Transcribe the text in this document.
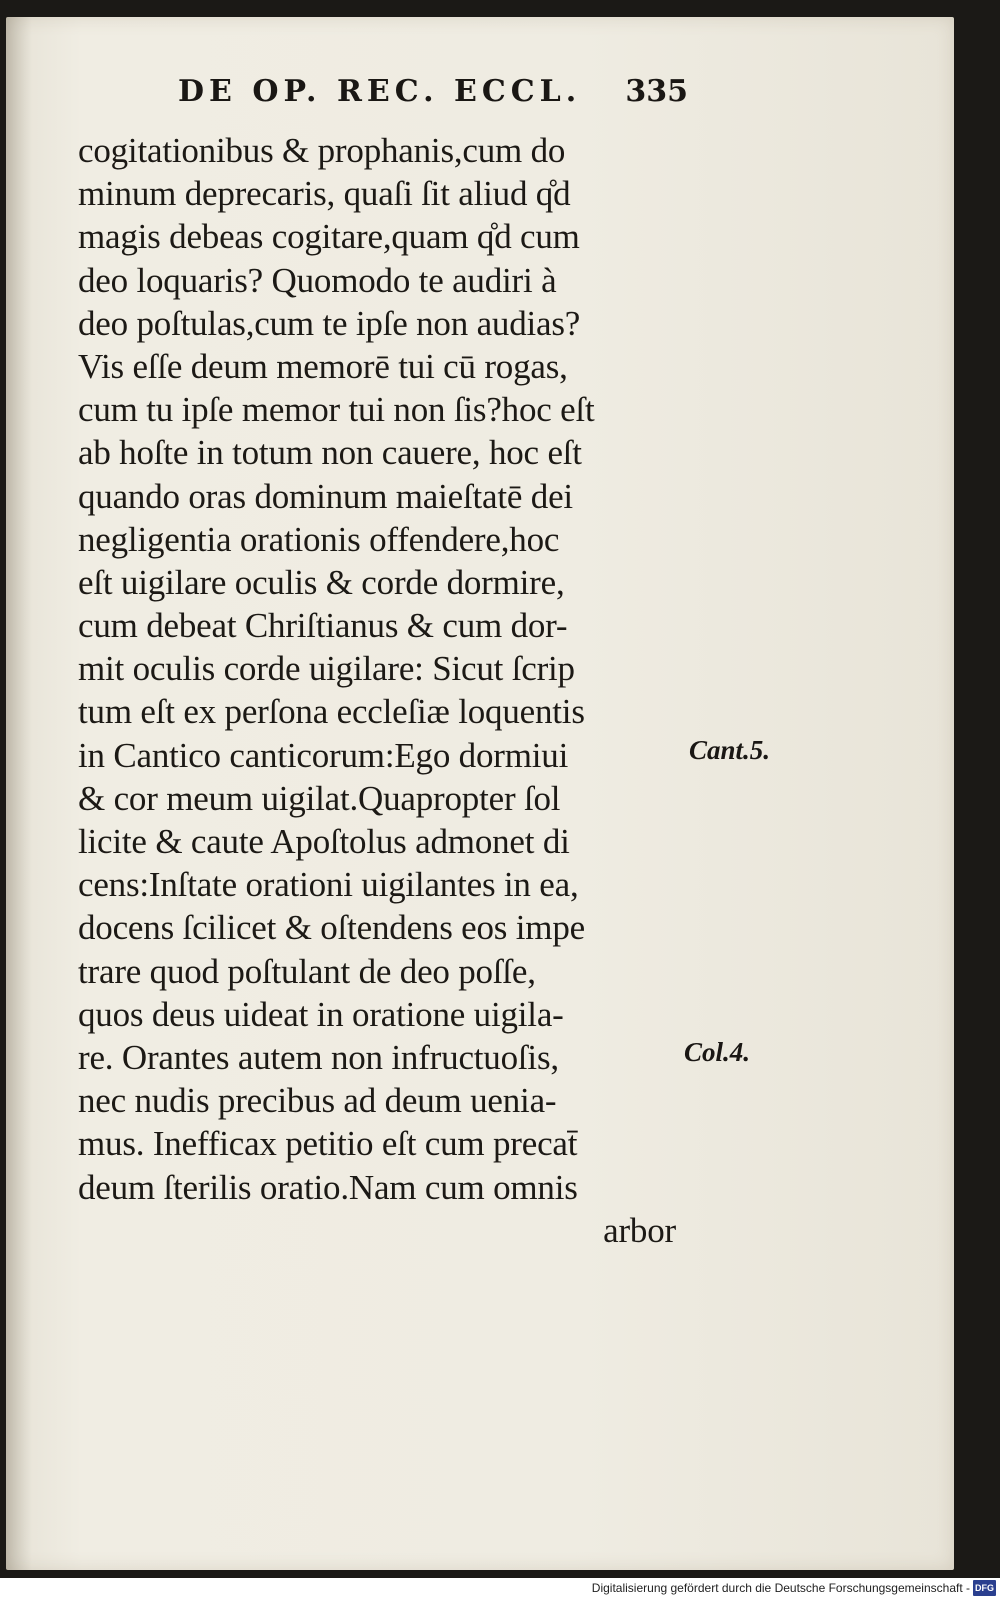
DE OP. REC. ECCL. 335
cogitationibus & prophanis,cum do
minum deprecaris, quaſi ſit aliud q̊d
magis debeas cogitare,quam q̊d cum
deo loquaris? Quomodo te audiri à
deo poſtulas,cum te ipſe non audias?
Vis eſſe deum memorē tui cū rogas,
cum tu ipſe memor tui non ſis?hoc eſt
ab hoſte in totum non cauere, hoc eſt
quando oras dominum maieſtatē dei
negligentia orationis offendere,hoc
eſt uigilare oculis & corde dormire,
cum debeat Chriſtianus & cum dor-
mit oculis corde uigilare: Sicut ſcrip
tum eſt ex perſona eccleſiæ loquentis
in Cantico canticorum:Ego dormiui
& cor meum uigilat.Quapropter ſol
licite & caute Apoſtolus admonet di
cens:Inſtate orationi uigilantes in ea,
docens ſcilicet & oſtendens eos impe
trare quod poſtulant de deo poſſe,
quos deus uideat in oratione uigila-
re. Orantes autem non infructuoſis,
nec nudis precibus ad deum uenia-
mus. Inefficax petitio eſt cum precat̄
deum ſterilis oratio.Nam cum omnis
arbor
Cant.5.
Col.4.
Digitalisierung gefördert durch die Deutsche Forschungsgemeinschaft - DFG
